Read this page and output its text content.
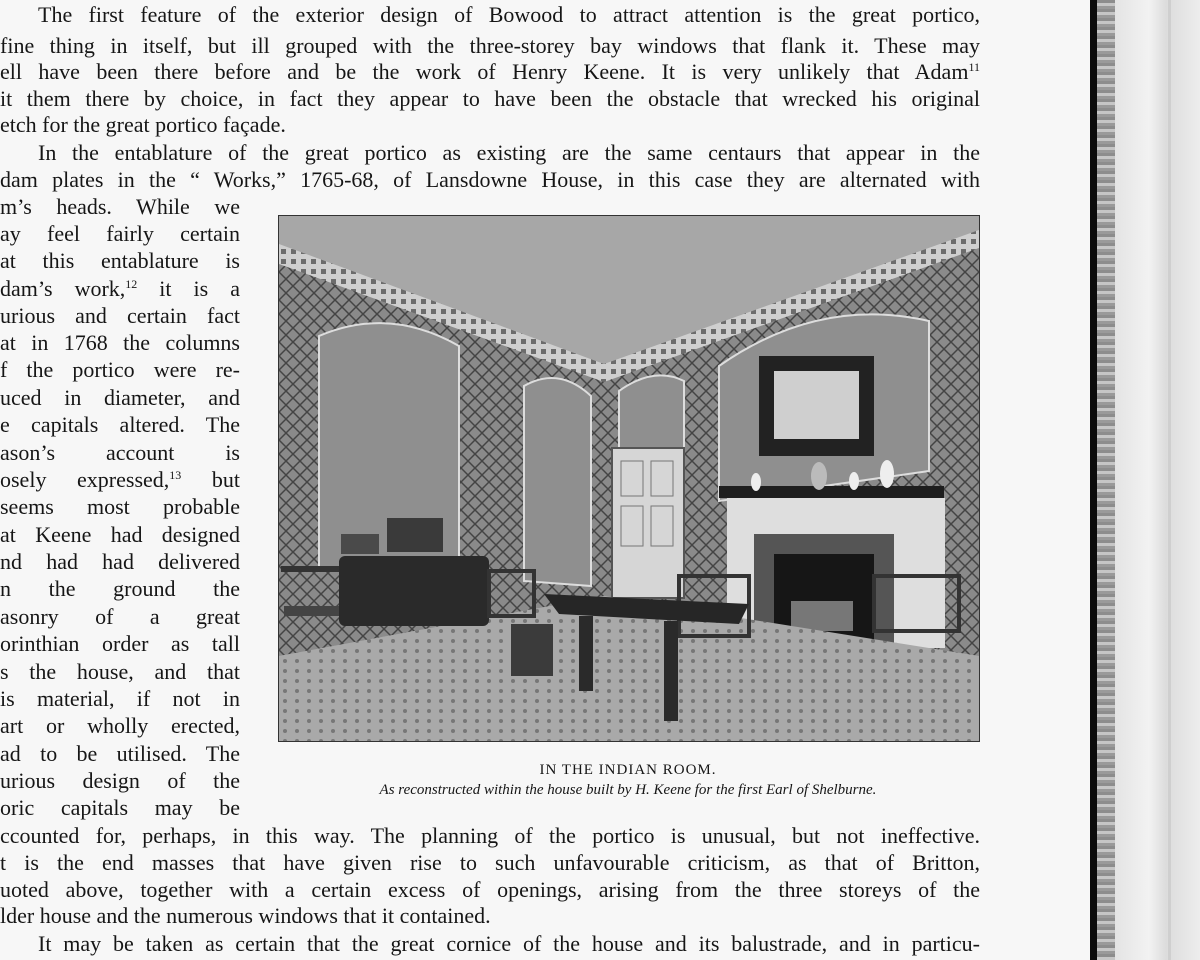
The first feature of the exterior design of Bowood to attract attention is the great portico,
fine thing in itself, but ill grouped with the three-storey bay windows that flank it. These may
ell have been there before and be the work of Henry Keene. It is very unlikely that Adam$^{11}$
it them there by choice, in fact they appear to have been the obstacle that wrecked his original
etch for the great portico façade.
In the entablature of the great portico as existing are the same centaurs that appear in the
dam plates in the “ Works,” 1765-68, of Lansdowne House, in this case they are alternated with
m’s heads. While we
ay feel fairly certain
at this entablature is
dam’s work,$^{12}$ it is a
urious and certain fact
at in 1768 the columns
f the portico were re-
uced in diameter, and
e capitals altered. The
ason’s account is
osely expressed,$^{13}$ but
seems most probable
at Keene had designed
nd had had delivered
n the ground the
asonry of a great
orinthian order as tall
s the house, and that
is material, if not in
art or wholly erected,
ad to be utilised. The
urious design of the
oric capitals may be
IN THE INDIAN ROOM.
As reconstructed within the house built by H. Keene for the first Earl of Shelburne.
ccounted for, perhaps, in this way. The planning of the portico is unusual, but not ineffective.
t is the end masses that have given rise to such unfavourable criticism, as that of Britton,
uoted above, together with a certain excess of openings, arising from the three storeys of the
lder house and the numerous windows that it contained.
It may be taken as certain that the great cornice of the house and its balustrade, and in particu-
